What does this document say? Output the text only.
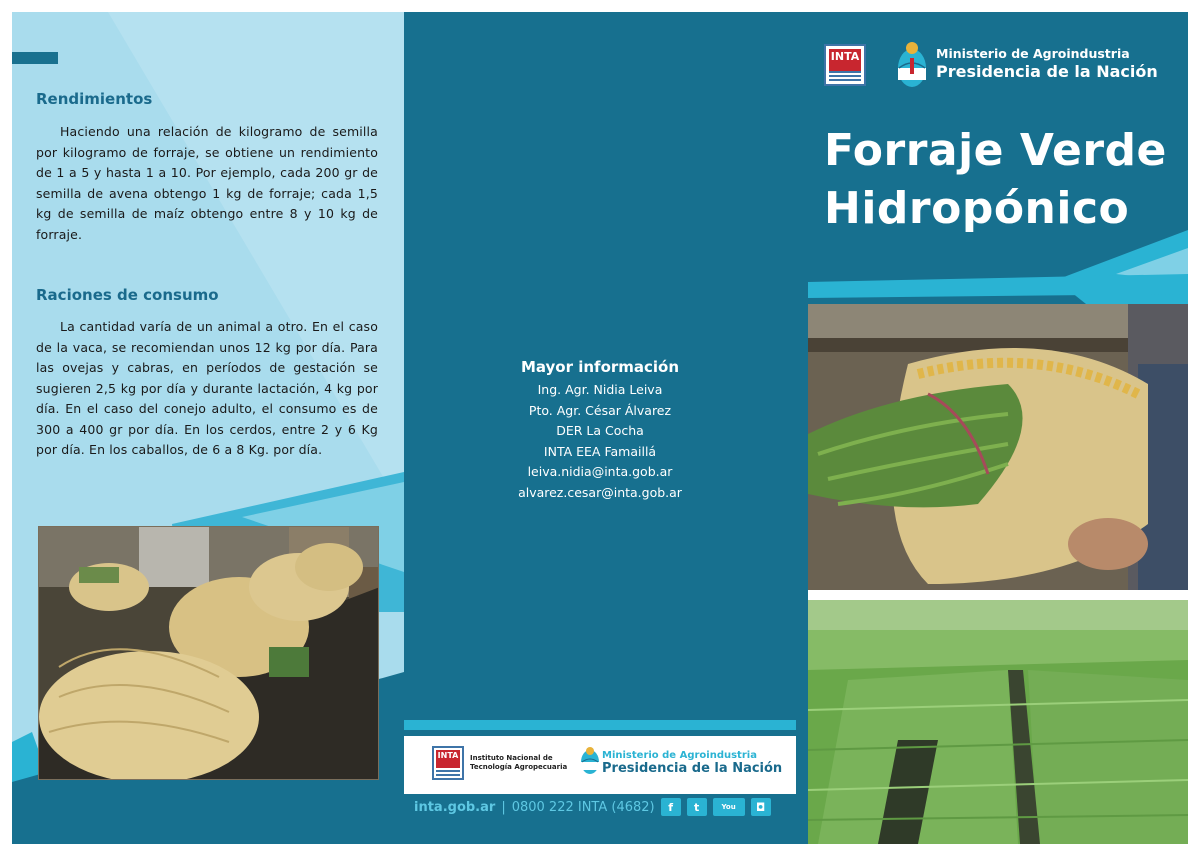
Rendimientos
Haciendo una relación de kilogramo de semilla por kilogramo de forraje, se obtiene un rendimiento de 1 a 5 y hasta 1 a 10. Por ejemplo, cada 200 gr de semilla de avena obtengo 1 kg de forraje; cada 1,5 kg de semilla de maíz obtengo entre 8 y 10 kg de forraje.
Raciones de consumo
La cantidad varía de un animal a otro. En el caso de la vaca, se recomiendan unos 12 kg por día. Para las ovejas y cabras, en períodos de gestación se sugieren 2,5 kg por día y durante lactación, 4 kg por día. En el caso del conejo adulto, el consumo es de 300 a 400 gr por día. En los cerdos, entre 2 y 6 Kg por día. En los caballos, de 6 a 8 Kg. por día.
Mayor información
Ing. Agr. Nidia Leiva
Pto. Agr. César Álvarez
DER La Cocha
INTA EEA Famaillá
leiva.nidia@inta.gob.ar
alvarez.cesar@inta.gob.ar
INTA	Instituto Nacional de
Tecnología Agropecuaria
Ministerio de Agroindustria
Presidencia de la Nación
inta.gob.ar | 0800 222 INTA (4682)	f	t	You	◘
INTA	Ministerio de Agroindustria
Presidencia de la Nación
Forraje Verde
Hidropónico
